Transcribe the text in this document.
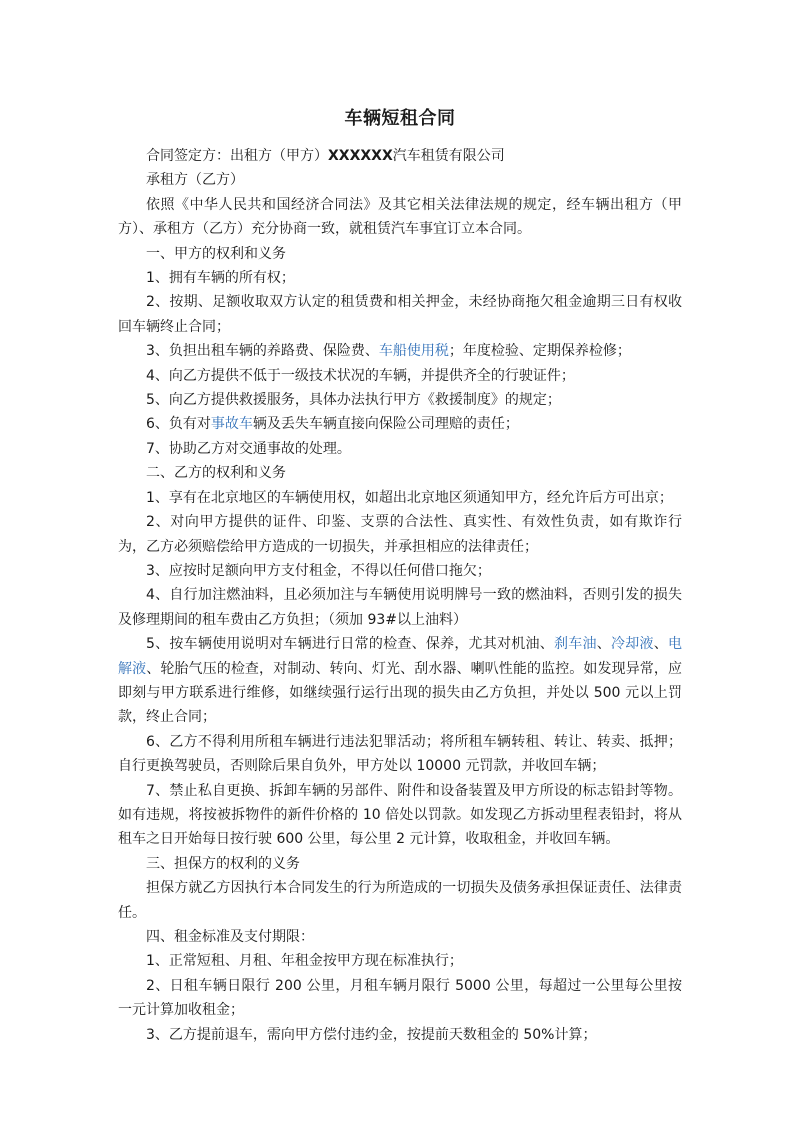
车辆短租合同

合同签定方：出租方（甲方）XXXXXX汽车租赁有限公司

承租方（乙方）

依照《中华人民共和国经济合同法》及其它相关法律法规的规定，经车辆出租方（甲方）、承租方（乙方）充分协商一致，就租赁汽车事宜订立本合同。

一、甲方的权利和义务

1、拥有车辆的所有权；

2、按期、足额收取双方认定的租赁费和相关押金，未经协商拖欠租金逾期三日有权收回车辆终止合同；

3、负担出租车辆的养路费、保险费、车船使用税；年度检验、定期保养检修；

4、向乙方提供不低于一级技术状况的车辆，并提供齐全的行驶证件；

5、向乙方提供救援服务，具体办法执行甲方《救援制度》的规定；

6、负有对事故车辆及丢失车辆直接向保险公司理赔的责任；

7、协助乙方对交通事故的处理。

二、乙方的权利和义务

1、享有在北京地区的车辆使用权，如超出北京地区须通知甲方，经允许后方可出京；

2、对向甲方提供的证件、印鉴、支票的合法性、真实性、有效性负责，如有欺诈行为，乙方必须赔偿给甲方造成的一切损失，并承担相应的法律责任；

3、应按时足额向甲方支付租金，不得以任何借口拖欠；

4、自行加注燃油料，且必须加注与车辆使用说明牌号一致的燃油料，否则引发的损失及修理期间的租车费由乙方负担；（须加 93#以上油料）

5、按车辆使用说明对车辆进行日常的检查、保养，尤其对机油、刹车油、冷却液、电解液、轮胎气压的检查，对制动、转向、灯光、刮水器、喇叭性能的监控。如发现异常，应即刻与甲方联系进行维修，如继续强行运行出现的损失由乙方负担，并处以 500 元以上罚款，终止合同；

6、乙方不得利用所租车辆进行违法犯罪活动；将所租车辆转租、转让、转卖、抵押；自行更换驾驶员，否则除后果自负外，甲方处以 10000 元罚款，并收回车辆；

7、禁止私自更换、拆卸车辆的另部件、附件和设备装置及甲方所设的标志铅封等物。如有违规，将按被拆物件的新件价格的 10 倍处以罚款。如发现乙方拆动里程表铅封，将从租车之日开始每日按行驶 600 公里，每公里 2 元计算，收取租金，并收回车辆。

三、担保方的权利的义务

担保方就乙方因执行本合同发生的行为所造成的一切损失及债务承担保证责任、法律责任。

四、租金标准及支付期限：

1、正常短租、月租、年租金按甲方现在标准执行；

2、日租车辆日限行 200 公里，月租车辆月限行 5000 公里，每超过一公里每公里按一元计算加收租金；

3、乙方提前退车，需向甲方偿付违约金，按提前天数租金的 50%计算；
